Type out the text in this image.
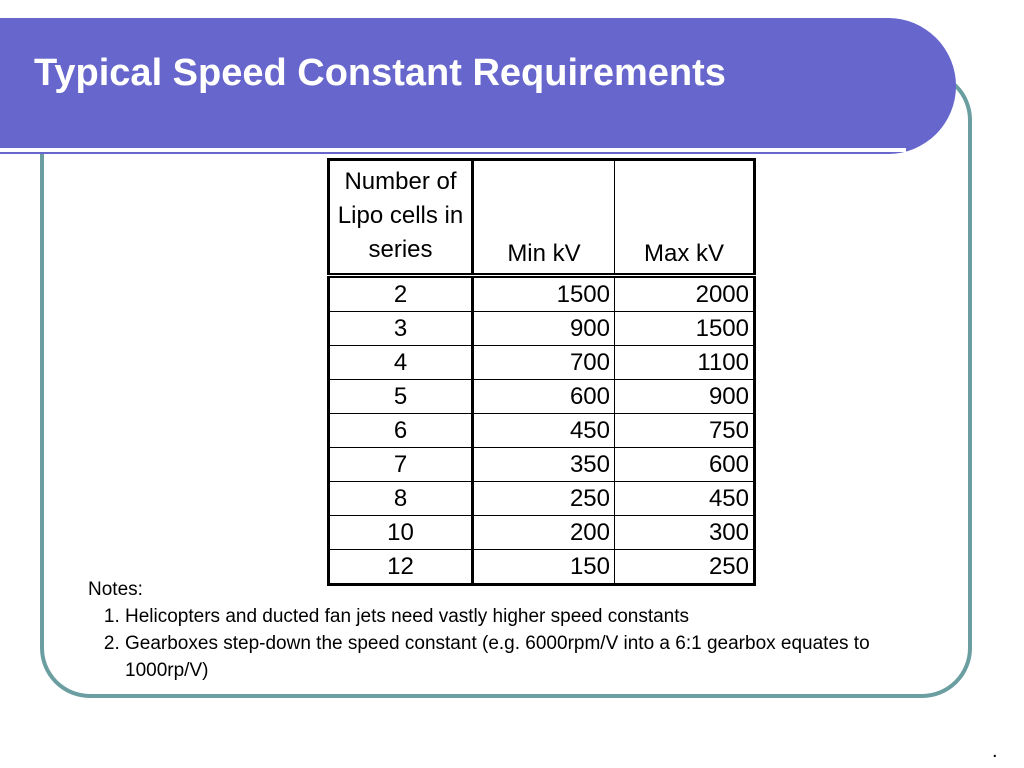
Typical Speed Constant Requirements
Number of Lipo cells in series	Min kV	Max kV
2	1500	2000
3	900	1500
4	700	1100
5	600	900
6	450	750
7	350	600
8	250	450
10	200	300
12	150	250

Notes:

1. Helicopters and ducted fan jets need vastly higher speed constants
2. Gearboxes step-down the speed constant (e.g. 6000rpm/V into a 6:1 gearbox equates to 1000rp/V)
.
